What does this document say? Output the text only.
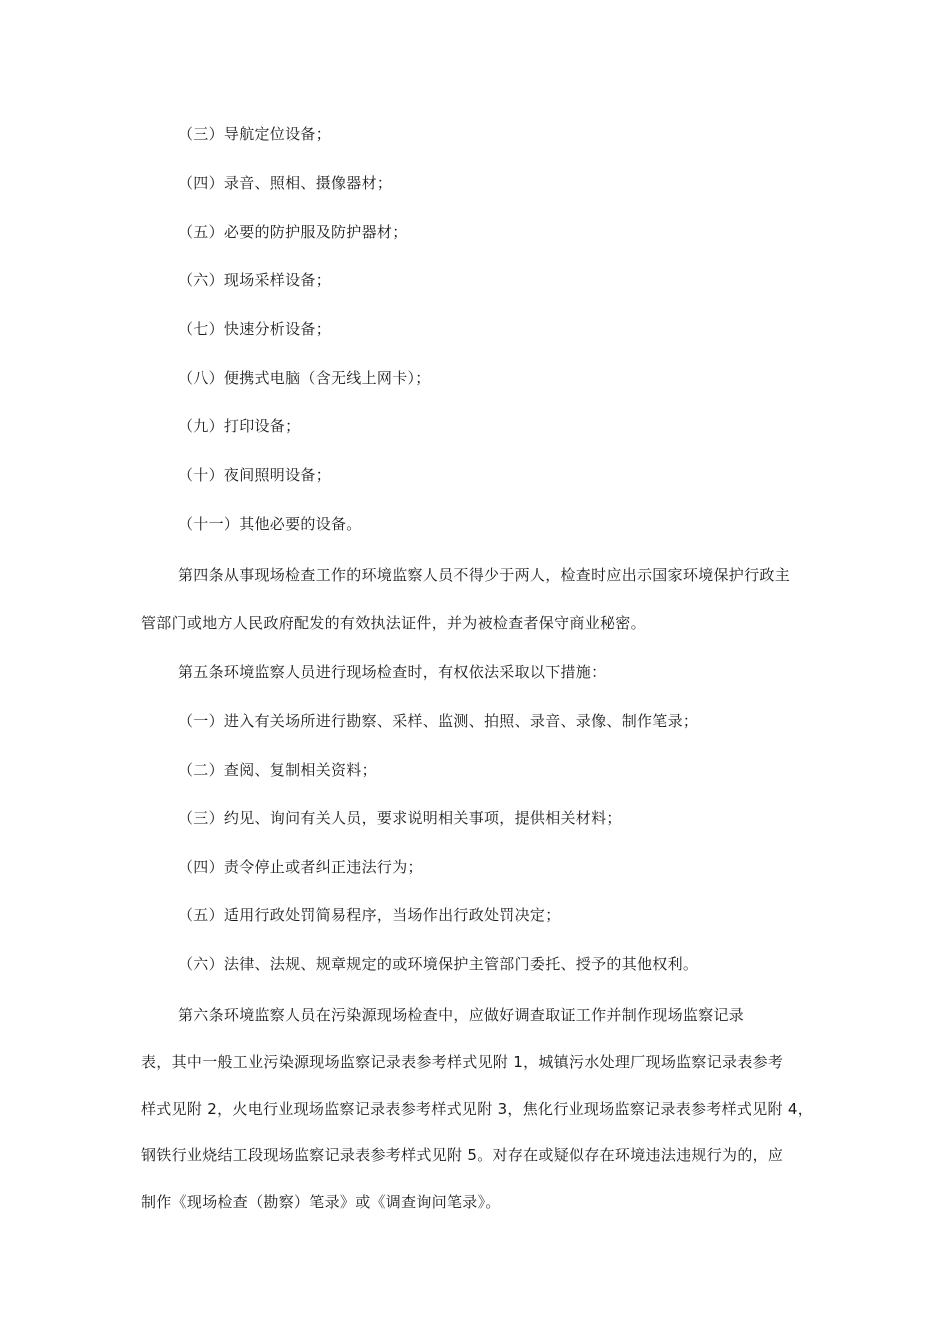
（三）导航定位设备；
（四）录音、照相、摄像器材；
（五）必要的防护服及防护器材；
（六）现场采样设备；
（七）快速分析设备；
（八）便携式电脑（含无线上网卡）；
（九）打印设备；
（十）夜间照明设备；
（十一）其他必要的设备。
第四条从事现场检查工作的环境监察人员不得少于两人，检查时应出示国家环境保护行政主
管部门或地方人民政府配发的有效执法证件，并为被检查者保守商业秘密。
第五条环境监察人员进行现场检查时，有权依法采取以下措施：
（一）进入有关场所进行勘察、采样、监测、拍照、录音、录像、制作笔录；
（二）查阅、复制相关资料；
（三）约见、询问有关人员，要求说明相关事项，提供相关材料；
（四）责令停止或者纠正违法行为；
（五）适用行政处罚简易程序，当场作出行政处罚决定；
（六）法律、法规、规章规定的或环境保护主管部门委托、授予的其他权利。
第六条环境监察人员在污染源现场检查中，应做好调查取证工作并制作现场监察记录
表，其中一般工业污染源现场监察记录表参考样式见附 1，城镇污水处理厂现场监察记录表参考
样式见附 2，火电行业现场监察记录表参考样式见附 3，焦化行业现场监察记录表参考样式见附 4，
钢铁行业烧结工段现场监察记录表参考样式见附 5。对存在或疑似存在环境违法违规行为的，应
制作《现场检查（勘察）笔录》或《调查询问笔录》。
